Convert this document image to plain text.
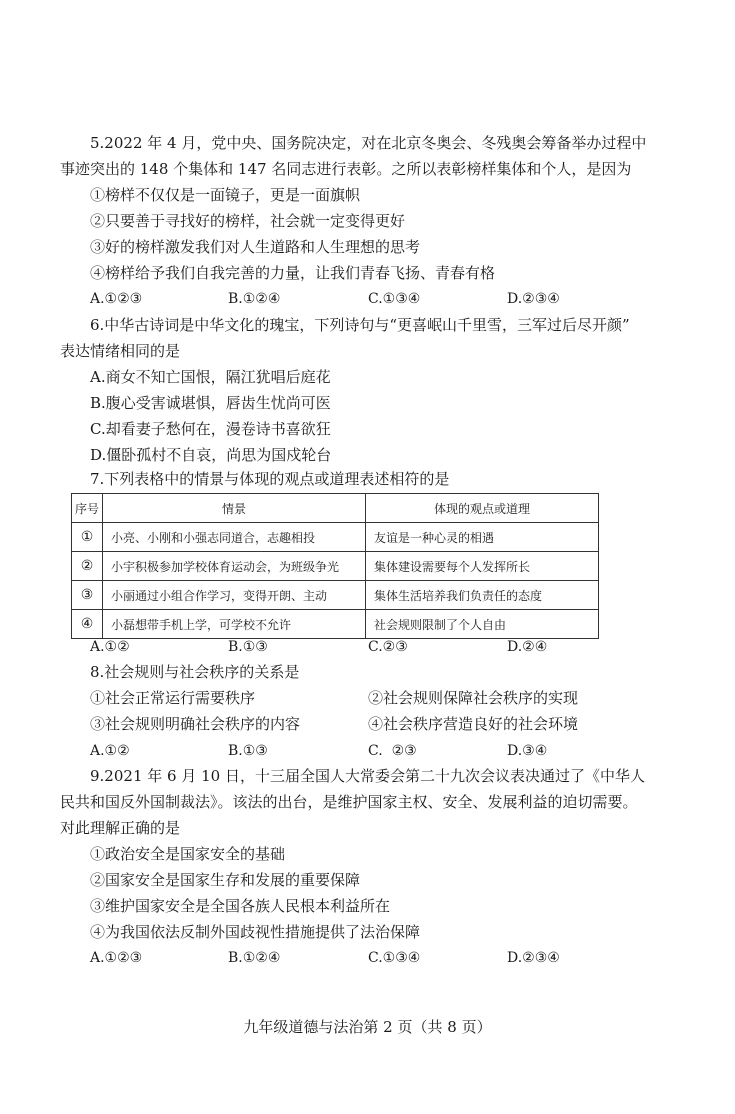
5.2022 年 4 月，党中央、国务院决定，对在北京冬奥会、冬残奥会筹备举办过程中
事迹突出的 148 个集体和 147 名同志进行表彰。之所以表彰榜样集体和个人，是因为
①榜样不仅仅是一面镜子，更是一面旗帜
②只要善于寻找好的榜样，社会就一定变得更好
③好的榜样激发我们对人生道路和人生理想的思考
④榜样给予我们自我完善的力量，让我们青春飞扬、青春有格
A.①②③	B.①②④	C.①③④	D.②③④
6.中华古诗词是中华文化的瑰宝，下列诗句与“更喜岷山千里雪，三军过后尽开颜”
表达情绪相同的是
A.商女不知亡国恨，隔江犹唱后庭花
B.腹心受害诚堪惧，唇齿生忧尚可医
C.却看妻子愁何在，漫卷诗书喜欲狂
D.僵卧孤村不自哀，尚思为国戍轮台
7.下列表格中的情景与体现的观点或道理表述相符的是
序号	情景	体现的观点或道理
①	小亮、小刚和小强志同道合，志趣相投	友谊是一种心灵的相遇
②	小宇积极参加学校体育运动会，为班级争光	集体建设需要每个人发挥所长
③	小丽通过小组合作学习，变得开朗、主动	集体生活培养我们负责任的态度
④	小磊想带手机上学，可学校不允许	社会规则限制了个人自由
A.①②	B.①③	C.②③	D.②④
8.社会规则与社会秩序的关系是
①社会正常运行需要秩序	②社会规则保障社会秩序的实现
③社会规则明确社会秩序的内容	④社会秩序营造良好的社会环境
A.①②	B.①③	C.  ②③	D.③④
9.2021 年 6 月 10 日，十三届全国人大常委会第二十九次会议表决通过了《中华人
民共和国反外国制裁法》。该法的出台，是维护国家主权、安全、发展利益的迫切需要。
对此理解正确的是
①政治安全是国家安全的基础
②国家安全是国家生存和发展的重要保障
③维护国家安全是全国各族人民根本利益所在
④为我国依法反制外国歧视性措施提供了法治保障
A.①②③	B.①②④	C.①③④	D.②③④
九年级道德与法治第 2 页（共 8 页）
